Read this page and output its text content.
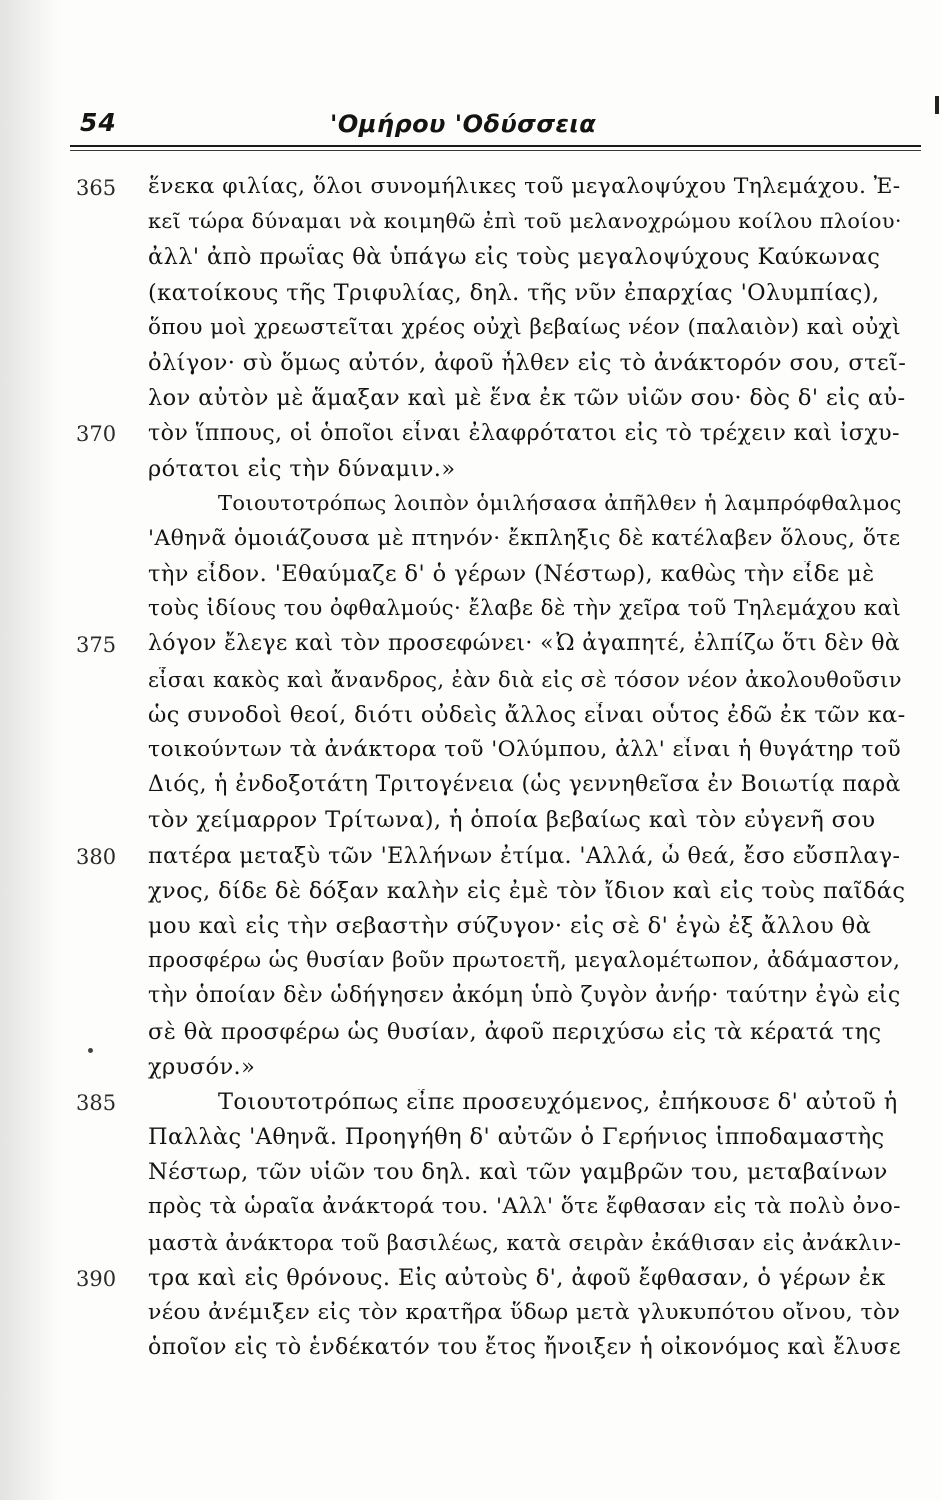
54	'Ομήρου 'Οδύσσεια
365 ἕνεκα φιλίας, ὅλοι συνομήλικες τοῦ μεγαλοψύχου Τηλεμάχου. Ἐ-
κεῖ τώρα δύναμαι νὰ κοιμηθῶ ἐπὶ τοῦ μελανοχρώμου κοίλου πλοίου·
ἀλλ' ἀπὸ πρωΐας θὰ ὑπάγω εἰς τοὺς μεγαλοψύχους Καύκωνας
(κατοίκους τῆς Τριφυλίας, δηλ. τῆς νῦν ἐπαρχίας 'Ολυμπίας),
ὅπου μοὶ χρεωστεῖται χρέος οὐχὶ βεβαίως νέον (παλαιὸν) καὶ οὐχὶ
ὀλίγον· σὺ ὅμως αὐτόν, ἀφοῦ ἦλθεν εἰς τὸ ἀνάκτορόν σου, στεῖ-
λον αὐτὸν μὲ ἅμαξαν καὶ μὲ ἕνα ἐκ τῶν υἱῶν σου· δὸς δ' εἰς αὐ-
370 τὸν ἵππους, οἱ ὁποῖοι εἶναι ἐλαφρότατοι εἰς τὸ τρέχειν καὶ ἰσχυ-
ρότατοι εἰς τὴν δύναμιν.»
Τοιουτοτρόπως λοιπὸν ὁμιλήσασα ἀπῆλθεν ἡ λαμπρόφθαλμος
'Αθηνᾶ ὁμοιάζουσα μὲ πτηνόν· ἔκπληξις δὲ κατέλαβεν ὅλους, ὅτε
τὴν εἶδον. 'Εθαύμαζε δ' ὁ γέρων (Νέστωρ), καθὼς τὴν εἶδε μὲ
τοὺς ἰδίους του ὀφθαλμούς· ἔλαβε δὲ τὴν χεῖρα τοῦ Τηλεμάχου καὶ
375 λόγον ἔλεγε καὶ τὸν προσεφώνει· «Ὦ ἀγαπητέ, ἐλπίζω ὅτι δὲν θὰ
εἶσαι κακὸς καὶ ἄνανδρος, ἐὰν διὰ εἰς σὲ τόσον νέον ἀκολουθοῦσιν
ὡς συνοδοὶ θεοί, διότι οὐδεὶς ἄλλος εἶναι οὗτος ἐδῶ ἐκ τῶν κα-
τοικούντων τὰ ἀνάκτορα τοῦ 'Ολύμπου, ἀλλ' εἶναι ἡ θυγάτηρ τοῦ
Διός, ἡ ἐνδοξοτάτη Τριτογένεια (ὡς γεννηθεῖσα ἐν Βοιωτίᾳ παρὰ
τὸν χείμαρρον Τρίτωνα), ἡ ὁποία βεβαίως καὶ τὸν εὐγενῆ σου
380 πατέρα μεταξὺ τῶν 'Ελλήνων ἐτίμα. 'Αλλά, ὦ θεά, ἔσο εὔσπλαγ-
χνος, δίδε δὲ δόξαν καλὴν εἰς ἐμὲ τὸν ἴδιον καὶ εἰς τοὺς παῖδάς
μου καὶ εἰς τὴν σεβαστὴν σύζυγον· εἰς σὲ δ' ἐγὼ ἐξ ἄλλου θὰ
προσφέρω ὡς θυσίαν βοῦν πρωτοετῆ, μεγαλομέτωπον, ἀδάμαστον,
τὴν ὁποίαν δὲν ὡδήγησεν ἀκόμη ὑπὸ ζυγὸν ἀνήρ· ταύτην ἐγὼ εἰς
σὲ θὰ προσφέρω ὡς θυσίαν, ἀφοῦ περιχύσω εἰς τὰ κέρατά της
χρυσόν.»
385	Τοιουτοτρόπως εἶπε προσευχόμενος, ἐπήκουσε δ' αὐτοῦ ἡ
Παλλὰς 'Αθηνᾶ. Προηγήθη δ' αὐτῶν ὁ Γερήνιος ἱπποδαμαστὴς
Νέστωρ, τῶν υἱῶν του δηλ. καὶ τῶν γαμβρῶν του, μεταβαίνων
πρὸς τὰ ὡραῖα ἀνάκτορά του. 'Αλλ' ὅτε ἔφθασαν εἰς τὰ πολὺ ὀνο-
μαστὰ ἀνάκτορα τοῦ βασιλέως, κατὰ σειρὰν ἐκάθισαν εἰς ἀνάκλιν-
390 τρα καὶ εἰς θρόνους. Εἰς αὐτοὺς δ', ἀφοῦ ἔφθασαν, ὁ γέρων ἐκ
νέου ἀνέμιξεν εἰς τὸν κρατῆρα ὕδωρ μετὰ γλυκυπότου οἴνου, τὸν
ὁποῖον εἰς τὸ ἑνδέκατόν του ἔτος ἤνοιξεν ἡ οἰκονόμος καὶ ἔλυσε
